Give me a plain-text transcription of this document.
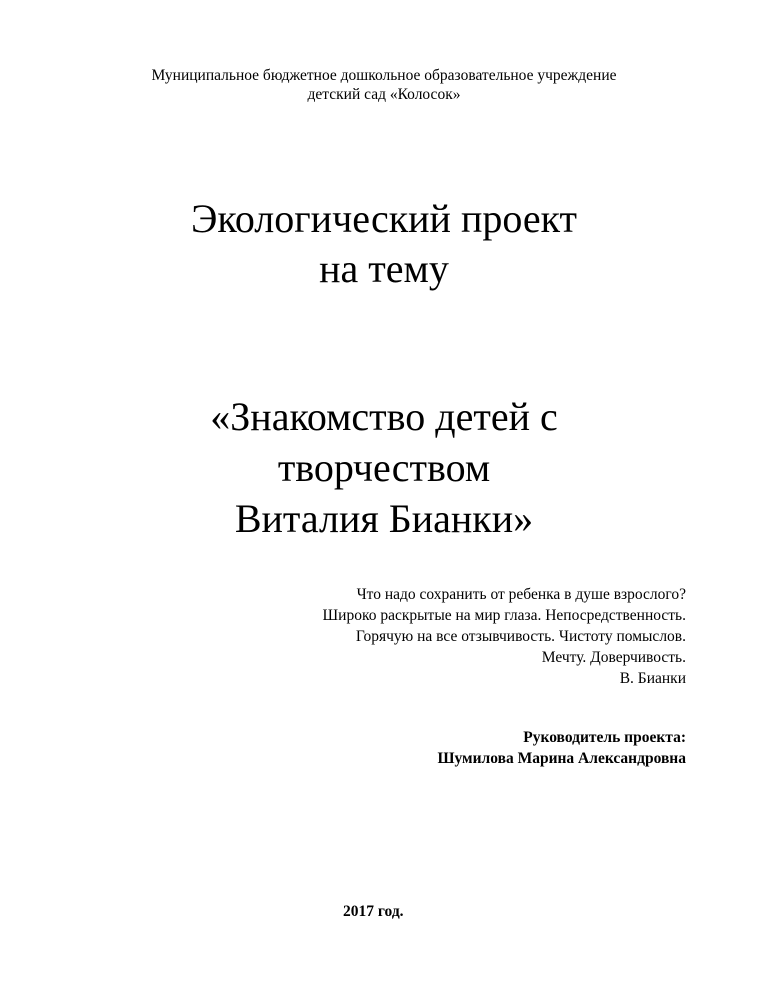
Муниципальное бюджетное дошкольное образовательное учреждение
детский сад «Колосок»
Экологический проект
на тему
«Знакомство детей с
творчеством
Виталия Бианки»
Что надо сохранить от ребенка в душе взрослого?
Широко раскрытые на мир глаза. Непосредственность.
Горячую на все отзывчивость. Чистоту помыслов.
Мечту. Доверчивость.
В. Бианки
Руководитель проекта:
Шумилова Марина Александровна
2017 год.
